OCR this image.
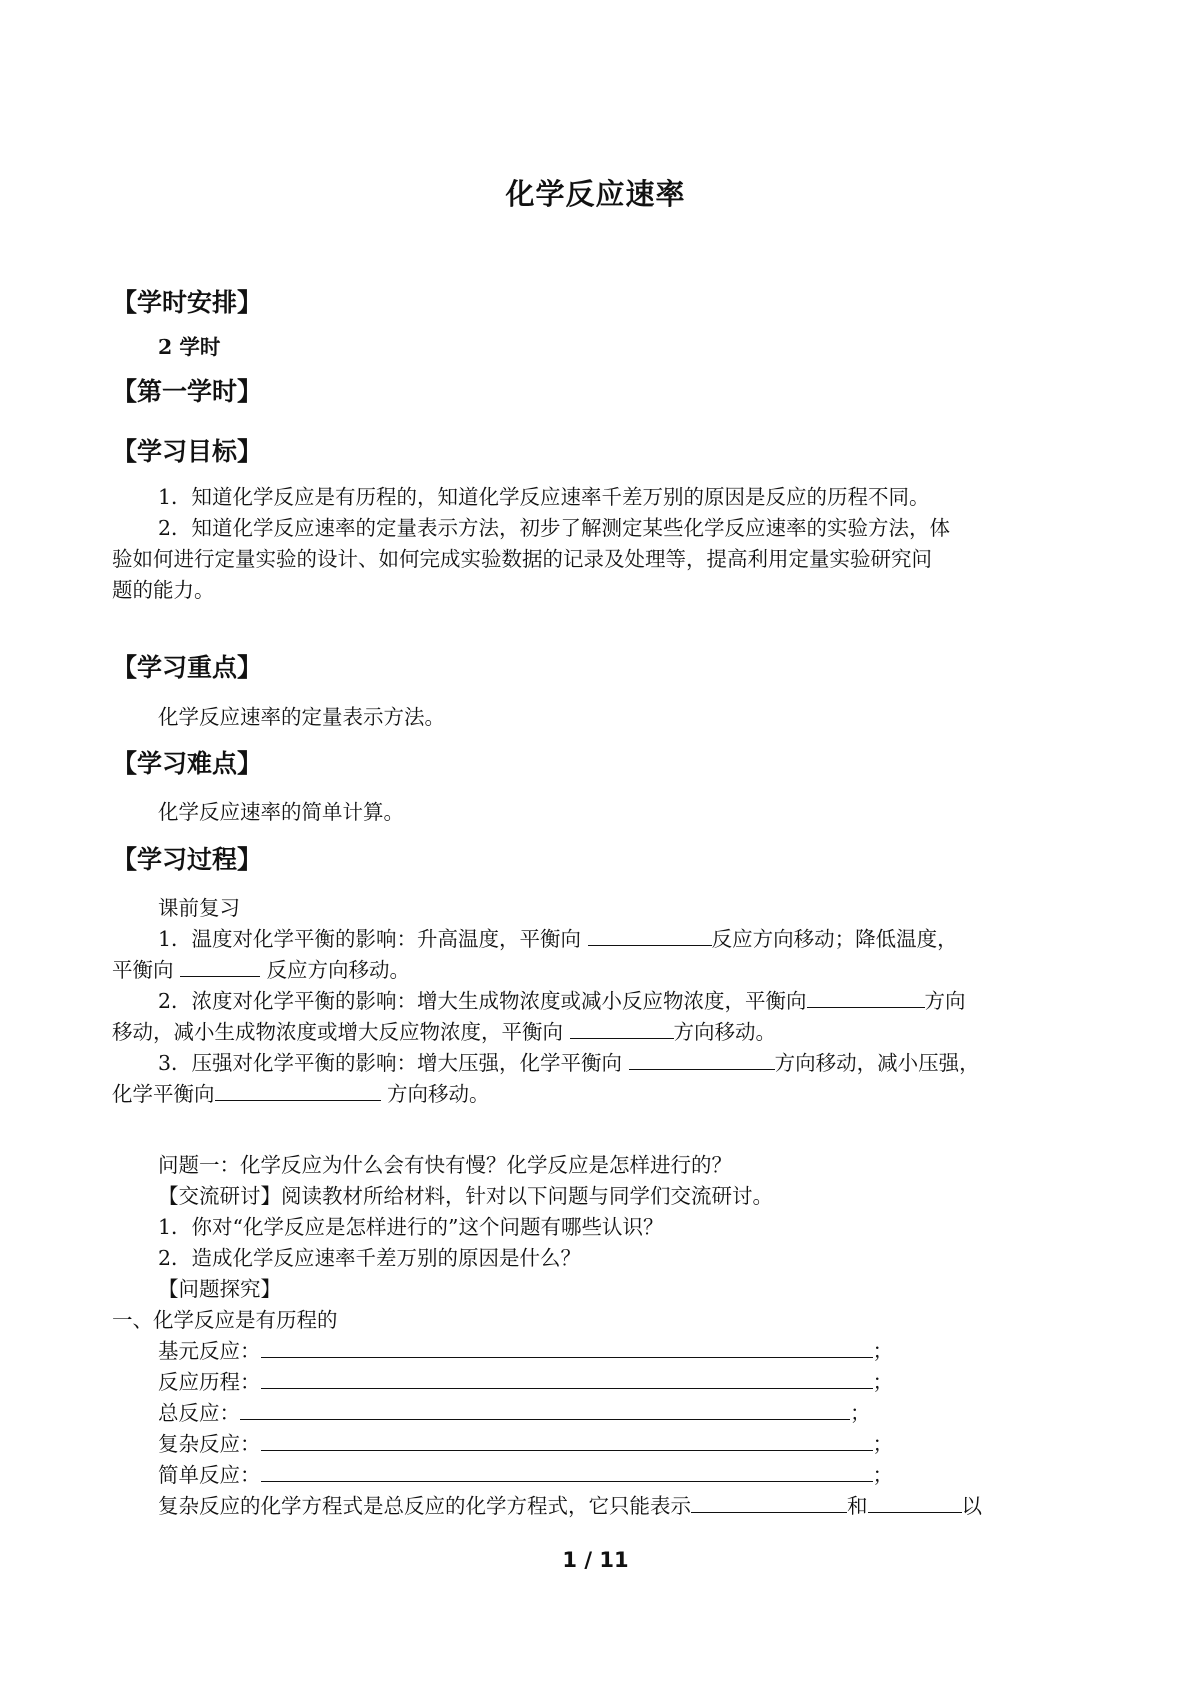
化学反应速率
【学时安排】
2 学时
【第一学时】
【学习目标】
1．知道化学反应是有历程的，知道化学反应速率千差万别的原因是反应的历程不同。
2．知道化学反应速率的定量表示方法，初步了解测定某些化学反应速率的实验方法，体
验如何进行定量实验的设计、如何完成实验数据的记录及处理等，提高利用定量实验研究问
题的能力。
【学习重点】
化学反应速率的定量表示方法。
【学习难点】
化学反应速率的简单计算。
【学习过程】
课前复习
1．温度对化学平衡的影响：升高温度，平衡向	反应方向移动；降低温度，
平衡向	反应方向移动。
2．浓度对化学平衡的影响：增大生成物浓度或减小反应物浓度，平衡向	方向
移动，减小生成物浓度或增大反应物浓度，平衡向	方向移动。
3．压强对化学平衡的影响：增大压强，化学平衡向	方向移动，减小压强，
化学平衡向	方向移动。
问题一：化学反应为什么会有快有慢？化学反应是怎样进行的？
【交流研讨】阅读教材所给材料，针对以下问题与同学们交流研讨。
1．你对“化学反应是怎样进行的”这个问题有哪些认识？
2．造成化学反应速率千差万别的原因是什么？
【问题探究】
一、化学反应是有历程的
基元反应：	；
反应历程：	；
总反应：	；
复杂反应：	；
简单反应：	；
复杂反应的化学方程式是总反应的化学方程式，它只能表示	和	以
1 / 11
